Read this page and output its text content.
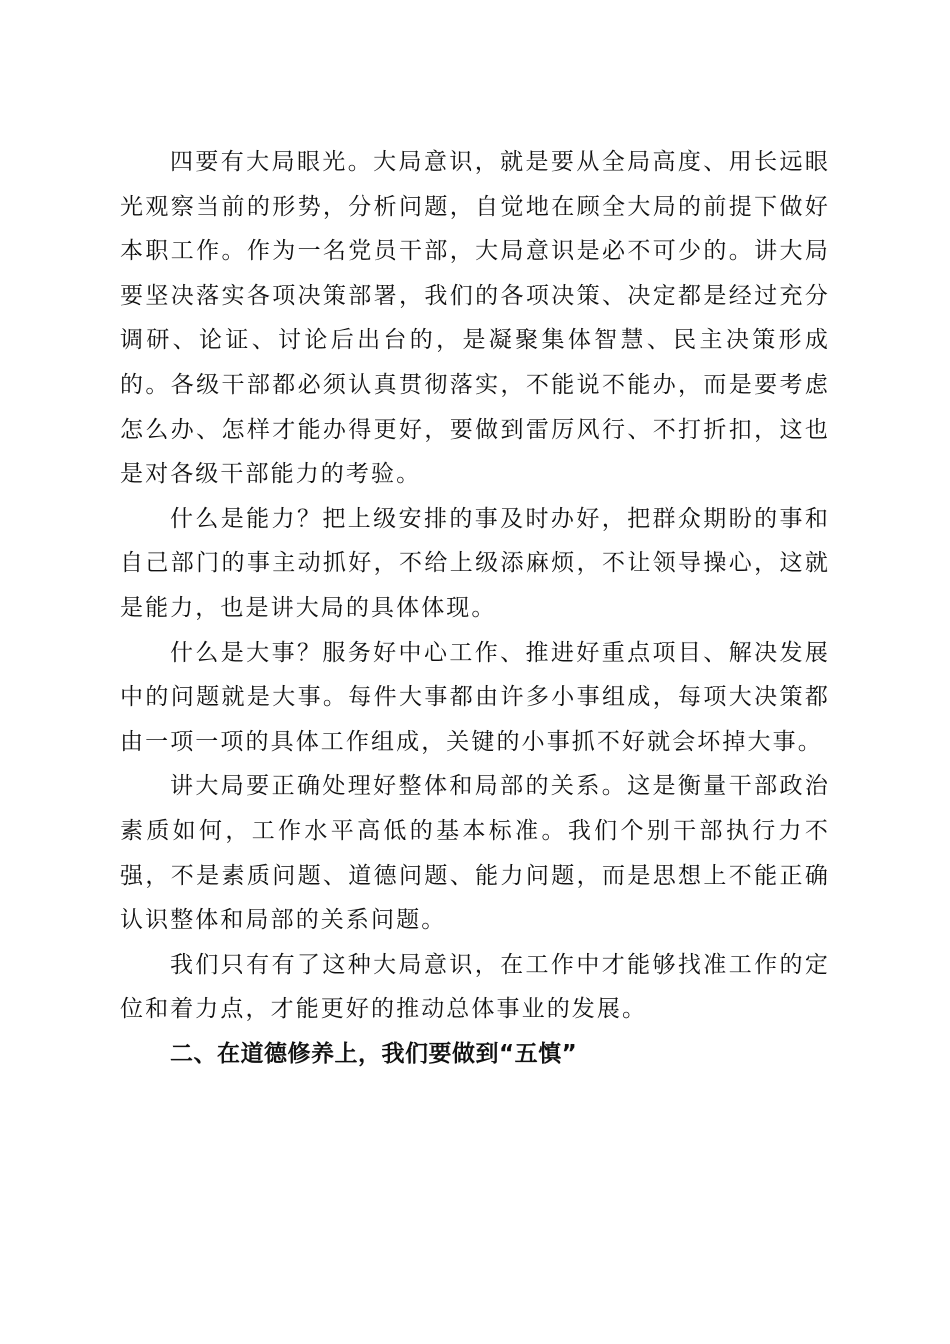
四要有大局眼光。大局意识，就是要从全局高度、用长远眼光观察当前的形势，分析问题，自觉地在顾全大局的前提下做好本职工作。作为一名党员干部，大局意识是必不可少的。讲大局要坚决落实各项决策部署，我们的各项决策、决定都是经过充分调研、论证、讨论后出台的，是凝聚集体智慧、民主决策形成的。各级干部都必须认真贯彻落实，不能说不能办，而是要考虑怎么办、怎样才能办得更好，要做到雷厉风行、不打折扣，这也是对各级干部能力的考验。

什么是能力？把上级安排的事及时办好，把群众期盼的事和自己部门的事主动抓好，不给上级添麻烦，不让领导操心，这就是能力，也是讲大局的具体体现。

什么是大事？服务好中心工作、推进好重点项目、解决发展中的问题就是大事。每件大事都由许多小事组成，每项大决策都由一项一项的具体工作组成，关键的小事抓不好就会坏掉大事。

讲大局要正确处理好整体和局部的关系。这是衡量干部政治素质如何，工作水平高低的基本标准。我们个别干部执行力不强，不是素质问题、道德问题、能力问题，而是思想上不能正确认识整体和局部的关系问题。

我们只有有了这种大局意识，在工作中才能够找准工作的定位和着力点，才能更好的推动总体事业的发展。

二、在道德修养上，我们要做到“五慎”
